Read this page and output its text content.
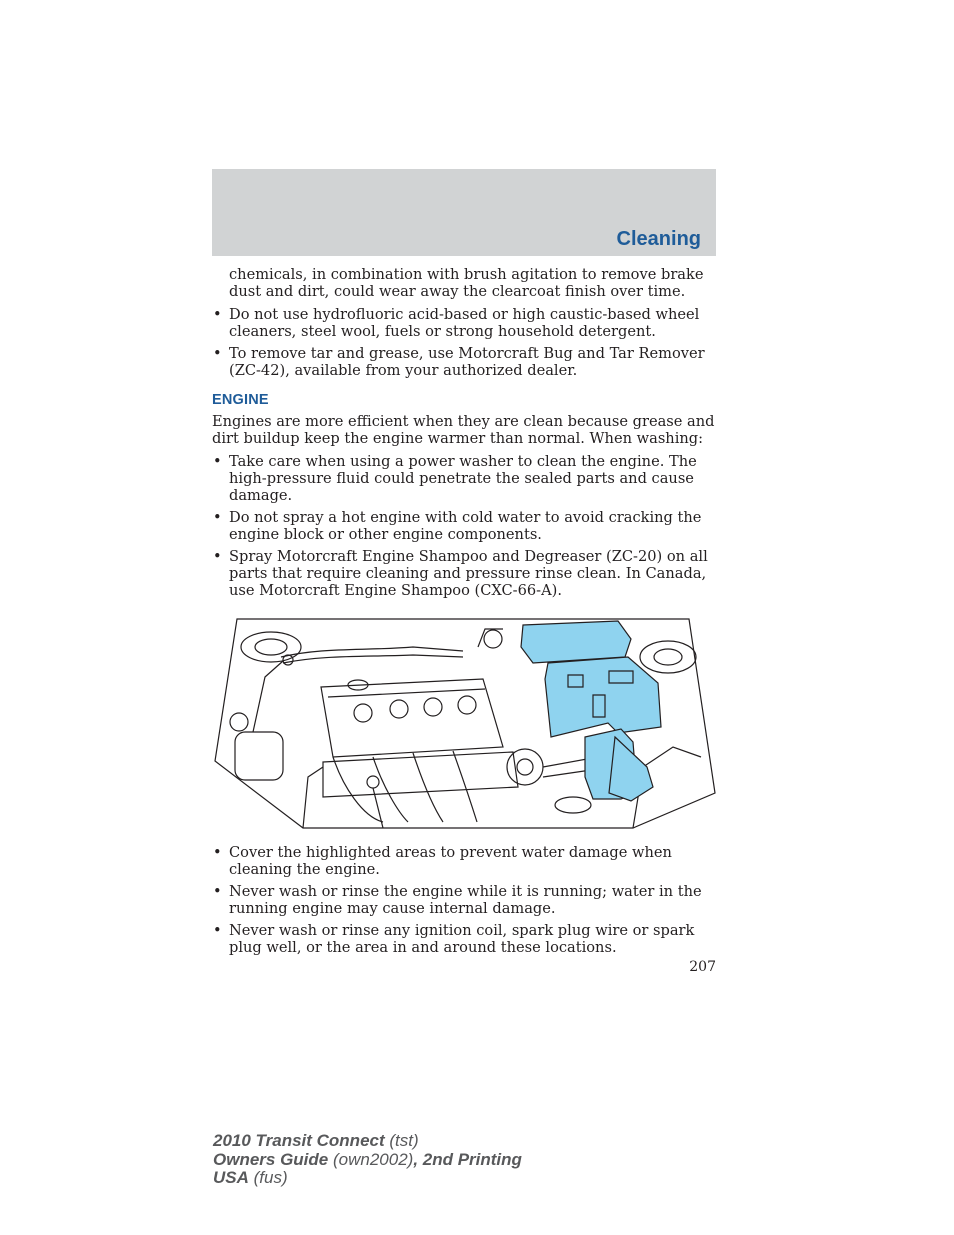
Cleaning

chemicals, in combination with brush agitation to remove brake dust and dirt, could wear away the clearcoat finish over time.

• Do not use hydrofluoric acid-based or high caustic-based wheel cleaners, steel wool, fuels or strong household detergent.
• To remove tar and grease, use Motorcraft Bug and Tar Remover (ZC-42), available from your authorized dealer.
ENGINE

Engines are more efficient when they are clean because grease and dirt buildup keep the engine warmer than normal. When washing:

• Take care when using a power washer to clean the engine. The high-pressure fluid could penetrate the sealed parts and cause damage.
• Do not spray a hot engine with cold water to avoid cracking the engine block or other engine components.
• Spray Motorcraft Engine Shampoo and Degreaser (ZC-20) on all parts that require cleaning and pressure rinse clean. In Canada, use Motorcraft Engine Shampoo (CXC-66-A).
• Cover the highlighted areas to prevent water damage when cleaning the engine.
• Never wash or rinse the engine while it is running; water in the running engine may cause internal damage.
• Never wash or rinse any ignition coil, spark plug wire or spark plug well, or the area in and around these locations.

207

2010 Transit Connect (tst)
Owners Guide (own2002), 2nd Printing
USA (fus)
